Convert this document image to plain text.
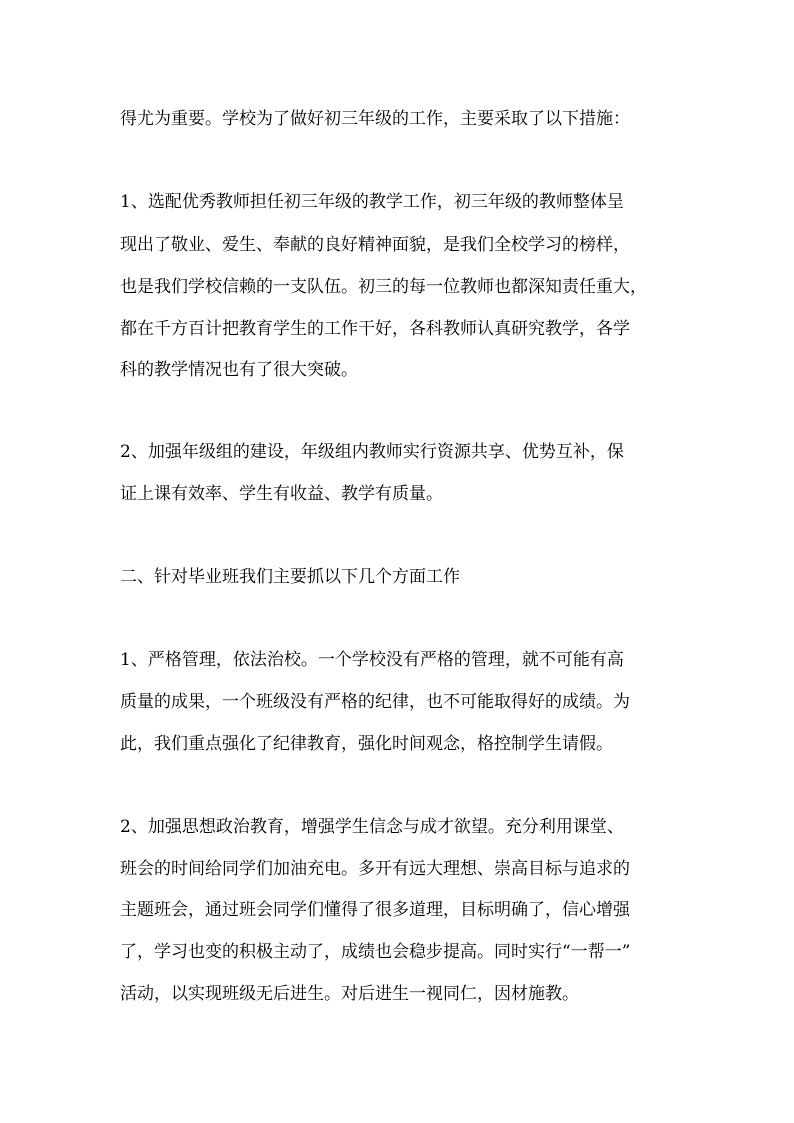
得尤为重要。学校为了做好初三年级的工作，主要采取了以下措施：
1、选配优秀教师担任初三年级的教学工作，初三年级的教师整体呈
现出了敬业、爱生、奉献的良好精神面貌，是我们全校学习的榜样，
也是我们学校信赖的一支队伍。初三的每一位教师也都深知责任重大，
都在千方百计把教育学生的工作干好，各科教师认真研究教学，各学
科的教学情况也有了很大突破。
2、加强年级组的建设，年级组内教师实行资源共享、优势互补，保
证上课有效率、学生有收益、教学有质量。
二、针对毕业班我们主要抓以下几个方面工作
1、严格管理，依法治校。一个学校没有严格的管理，就不可能有高
质量的成果，一个班级没有严格的纪律，也不可能取得好的成绩。为
此，我们重点强化了纪律教育，强化时间观念，格控制学生请假。
2、加强思想政治教育，增强学生信念与成才欲望。充分利用课堂、
班会的时间给同学们加油充电。多开有远大理想、崇高目标与追求的
主题班会，通过班会同学们懂得了很多道理，目标明确了，信心增强
了，学习也变的积极主动了，成绩也会稳步提高。同时实行“一帮一”
活动，以实现班级无后进生。对后进生一视同仁，因材施教。
